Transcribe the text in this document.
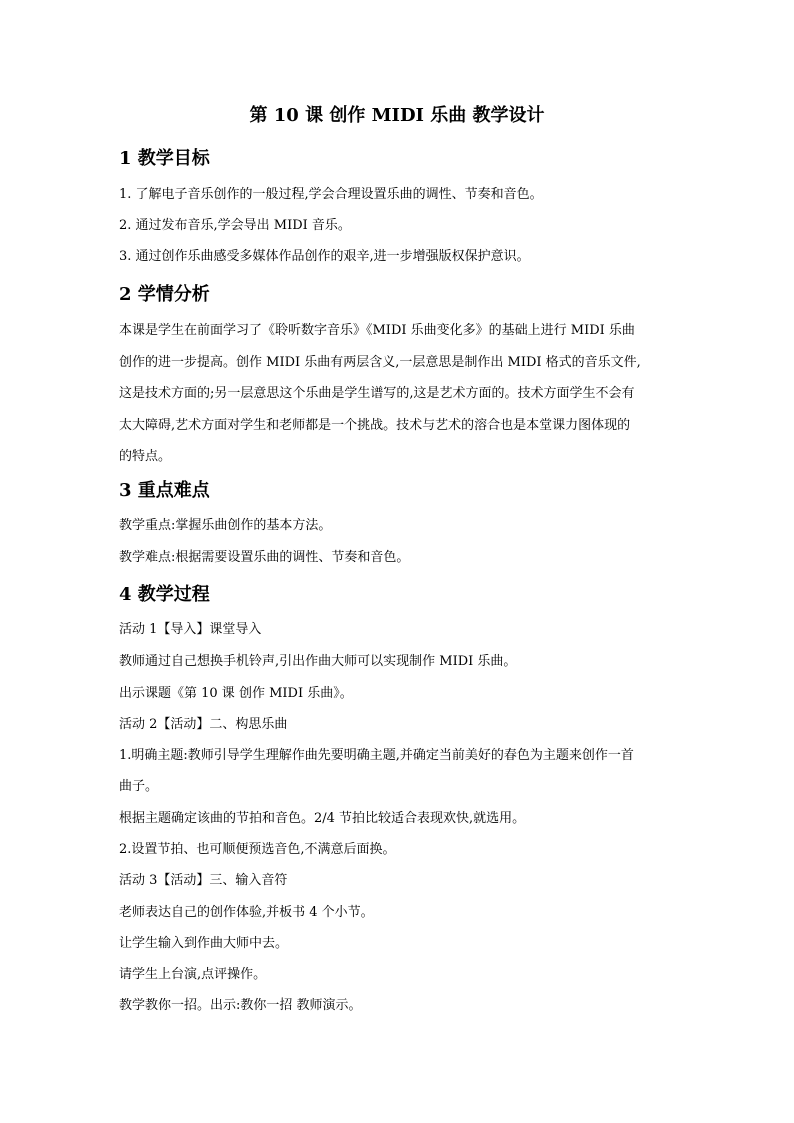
第 10 课 创作 MIDI 乐曲 教学设计
1 教学目标
1. 了解电子音乐创作的一般过程,学会合理设置乐曲的调性、节奏和音色。
2. 通过发布音乐,学会导出 MIDI 音乐。
3. 通过创作乐曲感受多媒体作品创作的艰辛,进一步增强版权保护意识。
2 学情分析
本课是学生在前面学习了《聆听数字音乐》《MIDI 乐曲变化多》的基础上进行 MIDI 乐曲
创作的进一步提高。创作 MIDI 乐曲有两层含义,一层意思是制作出 MIDI 格式的音乐文件,
这是技术方面的;另一层意思这个乐曲是学生谱写的,这是艺术方面的。技术方面学生不会有
太大障碍,艺术方面对学生和老师都是一个挑战。技术与艺术的溶合也是本堂课力图体现的
的特点。
3 重点难点
教学重点:掌握乐曲创作的基本方法。
教学难点:根据需要设置乐曲的调性、节奏和音色。
4 教学过程
活动 1【导入】课堂导入
教师通过自己想换手机铃声,引出作曲大师可以实现制作 MIDI 乐曲。
出示课题《第 10 课 创作 MIDI 乐曲》。
活动 2【活动】二、构思乐曲
1.明确主题:教师引导学生理解作曲先要明确主题,并确定当前美好的春色为主题来创作一首
曲子。
根据主题确定该曲的节拍和音色。2/4 节拍比较适合表现欢快,就选用。
2.设置节拍、也可顺便预选音色,不满意后面换。
活动 3【活动】三、输入音符
老师表达自己的创作体验,并板书 4 个小节。
让学生输入到作曲大师中去。
请学生上台演,点评操作。
教学教你一招。出示:教你一招 教师演示。
